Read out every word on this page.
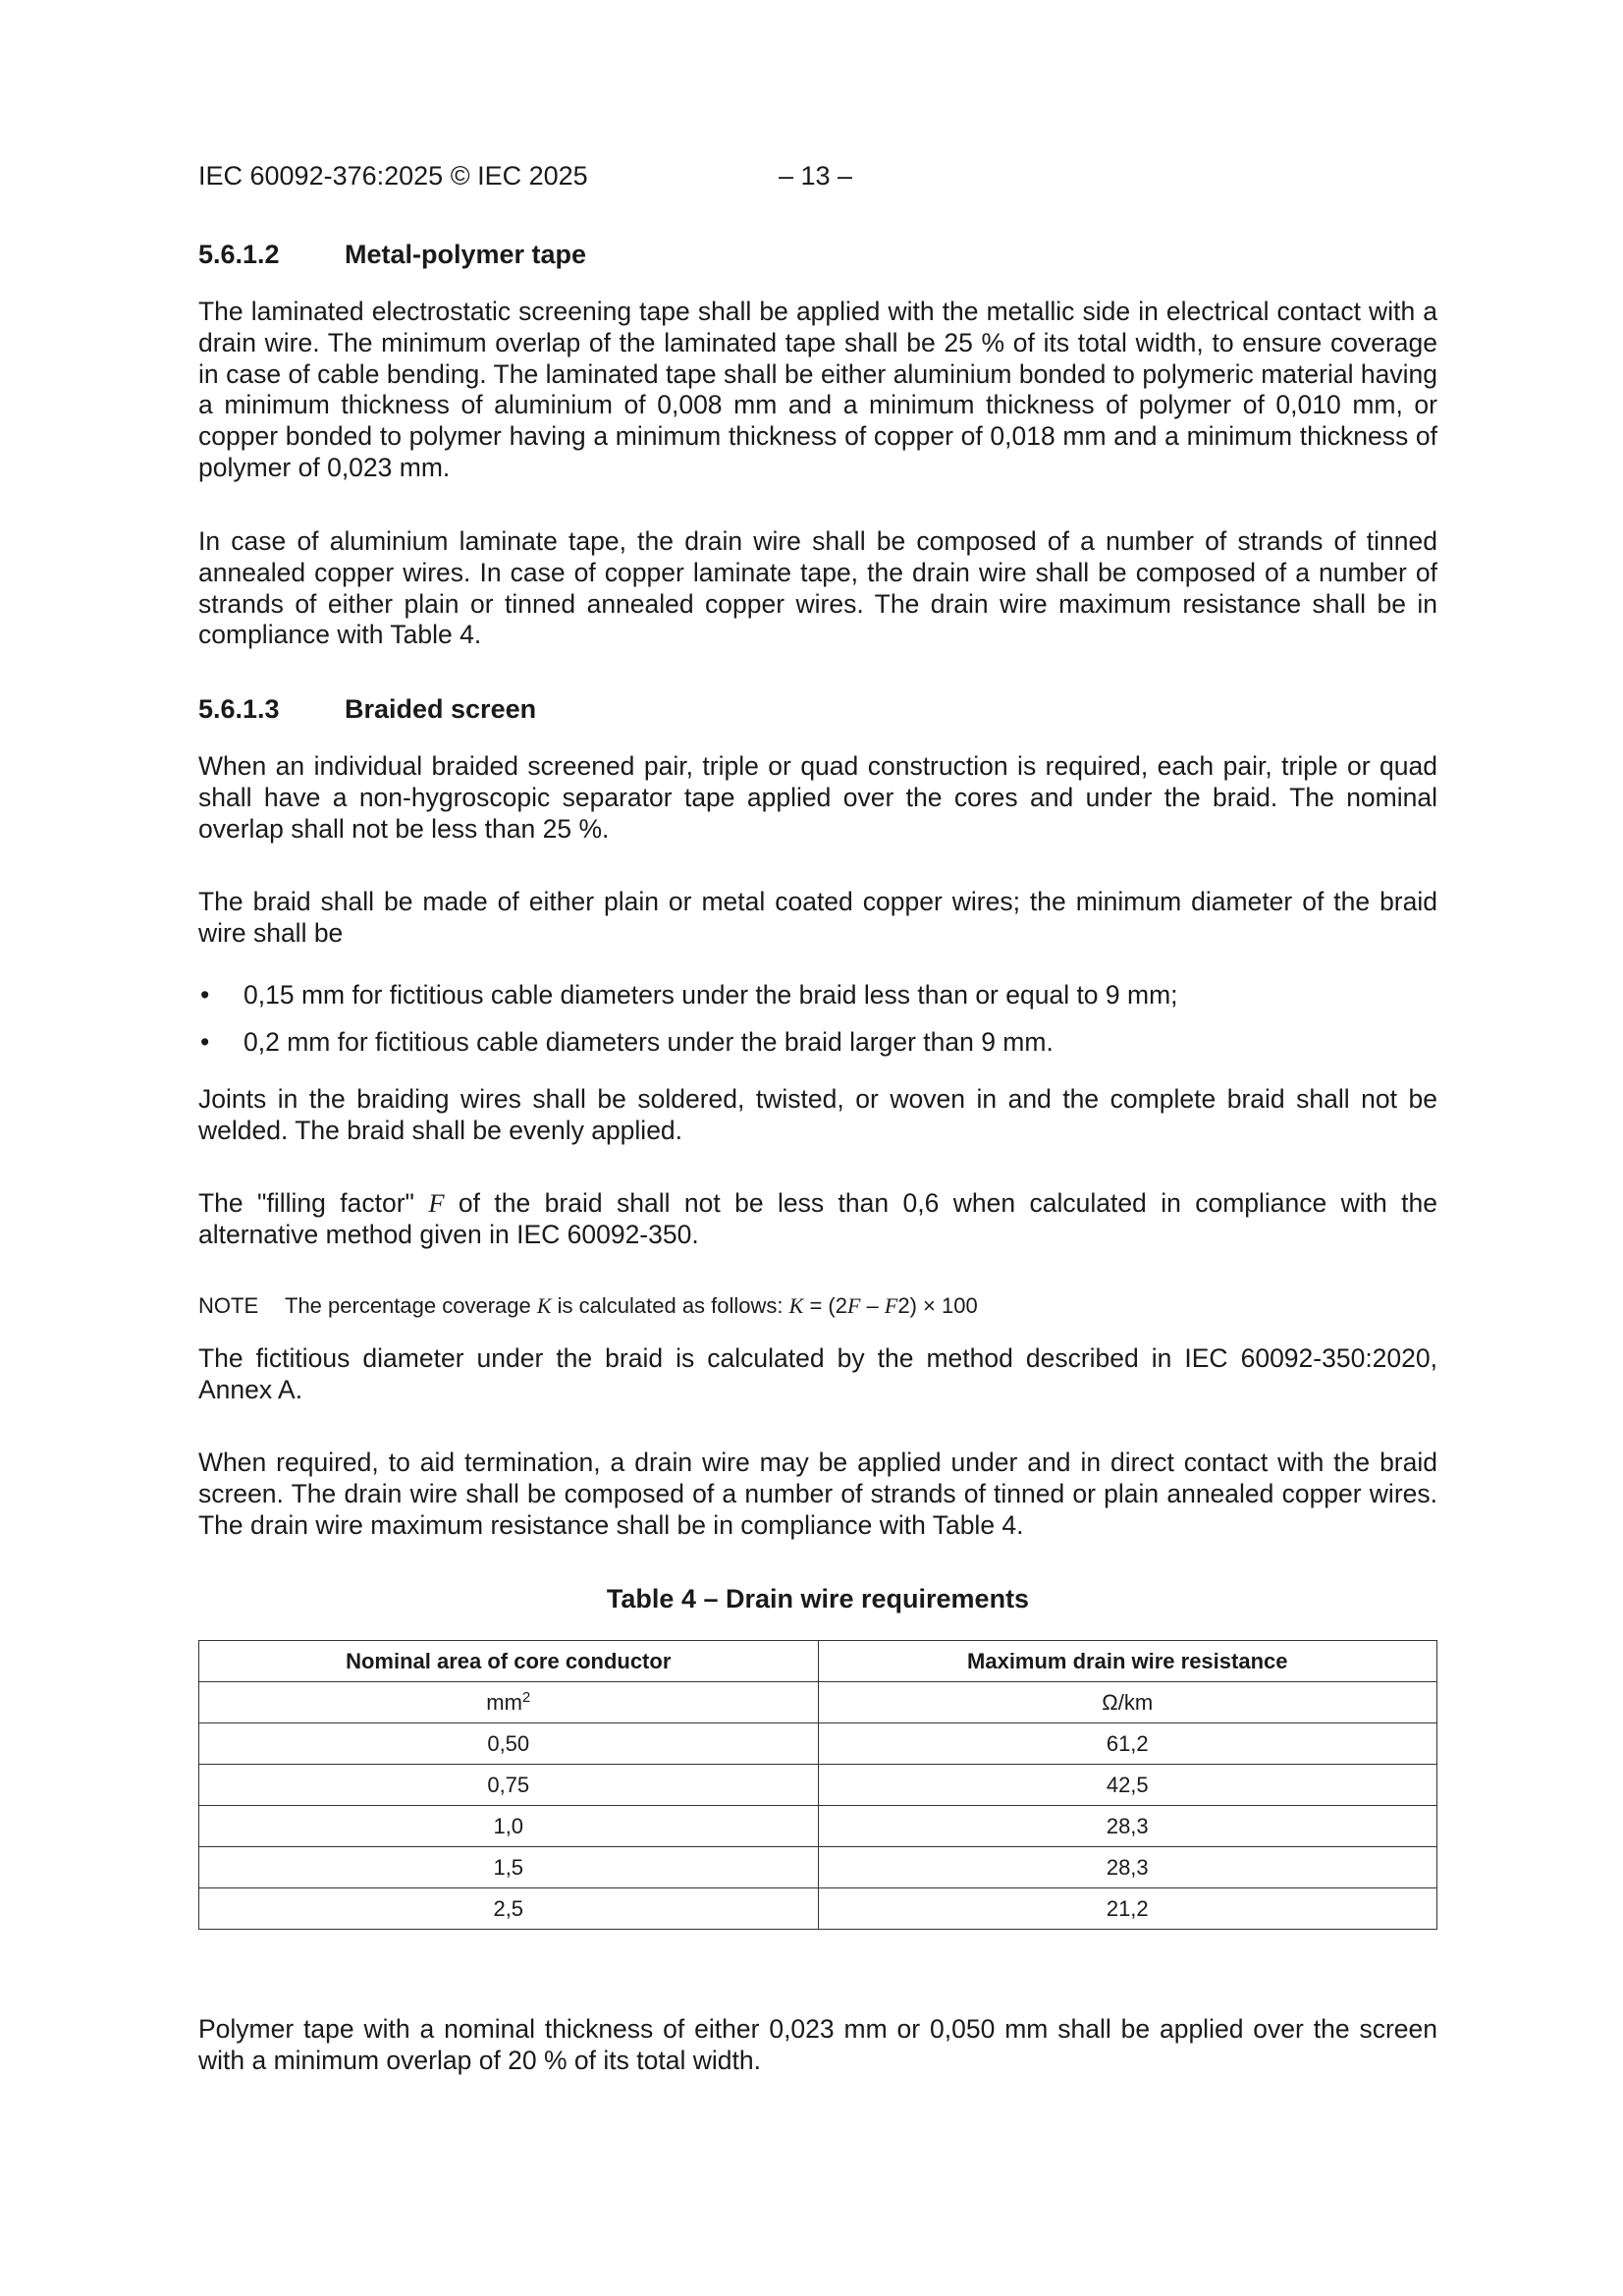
IEC 60092-376:2025 © IEC 2025	– 13 –
5.6.1.2 Metal-polymer tape

The laminated electrostatic screening tape shall be applied with the metallic side in electrical contact with a drain wire. The minimum overlap of the laminated tape shall be 25 % of its total width, to ensure coverage in case of cable bending. The laminated tape shall be either aluminium bonded to polymeric material having a minimum thickness of aluminium of 0,008 mm and a minimum thickness of polymer of 0,010 mm, or copper bonded to polymer having a minimum thickness of copper of 0,018 mm and a minimum thickness of polymer of 0,023 mm.

In case of aluminium laminate tape, the drain wire shall be composed of a number of strands of tinned annealed copper wires. In case of copper laminate tape, the drain wire shall be composed of a number of strands of either plain or tinned annealed copper wires. The drain wire maximum resistance shall be in compliance with Table 4.

5.6.1.3 Braided screen

When an individual braided screened pair, triple or quad construction is required, each pair, triple or quad shall have a non-hygroscopic separator tape applied over the cores and under the braid. The nominal overlap shall not be less than 25 %.

The braid shall be made of either plain or metal coated copper wires; the minimum diameter of the braid wire shall be

• 0,15 mm for fictitious cable diameters under the braid less than or equal to 9 mm;
• 0,2 mm for fictitious cable diameters under the braid larger than 9 mm.

Joints in the braiding wires shall be soldered, twisted, or woven in and the complete braid shall not be welded. The braid shall be evenly applied.

The "filling factor" F of the braid shall not be less than 0,6 when calculated in compliance with the alternative method given in IEC 60092-350.

NOTE The percentage coverage K is calculated as follows: K = (2F – F2) × 100

The fictitious diameter under the braid is calculated by the method described in IEC 60092-350:2020, Annex A.

When required, to aid termination, a drain wire may be applied under and in direct contact with the braid screen. The drain wire shall be composed of a number of strands of tinned or plain annealed copper wires. The drain wire maximum resistance shall be in compliance with Table 4.

Table 4 – Drain wire requirements
Nominal area of core conductor	Maximum drain wire resistance
$mm^2$	Ω/km
0,50	61,2
0,75	42,5
1,0	28,3
1,5	28,3
2,5	21,2

Polymer tape with a nominal thickness of either 0,023 mm or 0,050 mm shall be applied over the screen with a minimum overlap of 20 % of its total width.
